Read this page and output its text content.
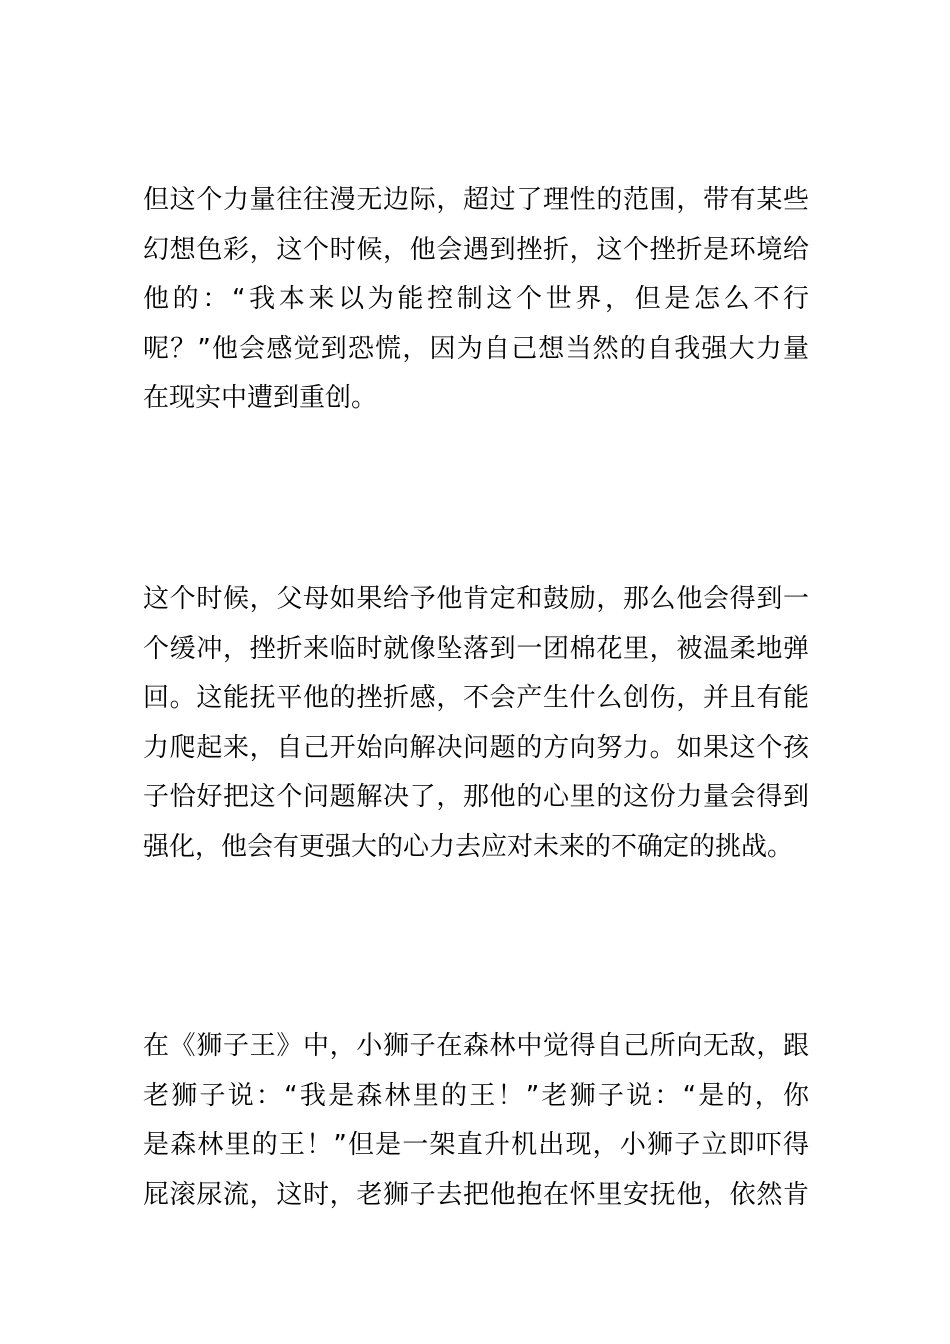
但这个力量往往漫无边际，超过了理性的范围，带有某些
幻想色彩，这个时候，他会遇到挫折，这个挫折是环境给
他的：“我本来以为能控制这个世界，但是怎么不行
呢？”他会感觉到恐慌，因为自己想当然的自我强大力量
在现实中遭到重创。
这个时候，父母如果给予他肯定和鼓励，那么他会得到一
个缓冲，挫折来临时就像坠落到一团棉花里，被温柔地弹
回。这能抚平他的挫折感，不会产生什么创伤，并且有能
力爬起来，自己开始向解决问题的方向努力。如果这个孩
子恰好把这个问题解决了，那他的心里的这份力量会得到
强化，他会有更强大的心力去应对未来的不确定的挑战。
在《狮子王》中，小狮子在森林中觉得自己所向无敌，跟
老狮子说：“我是森林里的王！”老狮子说：“是的，你
是森林里的王！”但是一架直升机出现，小狮子立即吓得
屁滚尿流，这时，老狮子去把他抱在怀里安抚他，依然肯
